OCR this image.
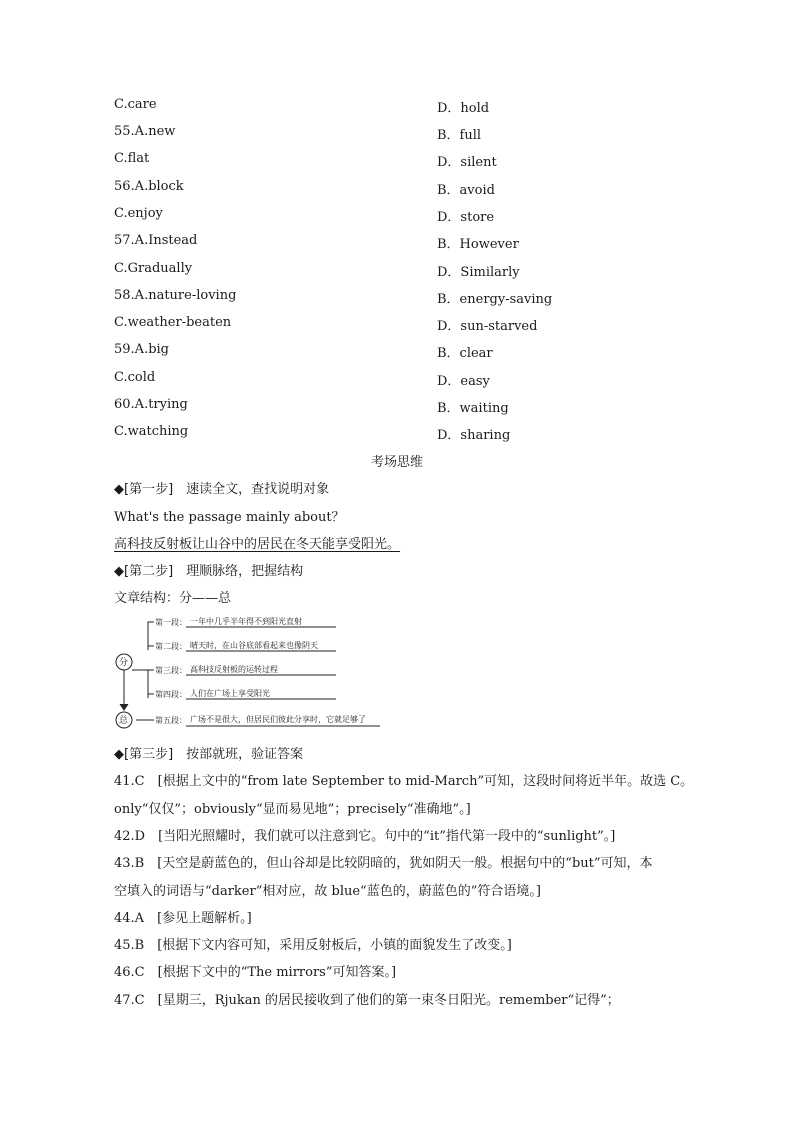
C.care	D．hold
55.A.new	B．full
C.flat	D．silent
56.A.block	B．avoid
C.enjoy	D．store
57.A.Instead	B．However
C.Gradually	D．Similarly
58.A.nature-loving	B．energy-saving
C.weather-beaten	D．sun-starved
59.A.big	B．clear
C.cold	D．easy
60.A.trying	B．waiting
C.watching	D．sharing
考场思维
◆[第一步]　速读全文，查找说明对象
What's the passage mainly about？
高科技反射板让山谷中的居民在冬天能享受阳光。
◆[第二步]　理顺脉络，把握结构
文章结构：分——总
分
总
第一段： 一年中几乎半年得不到阳光直射
第二段： 晴天时，在山谷底部看起来也像阴天
第三段： 高科技反射板的运转过程
第四段： 人们在广场上享受阳光
第五段： 广场不是很大，但居民们彼此分享时，它就足够了
◆[第三步]　按部就班，验证答案
41.C　[根据上文中的“from late September to mid-March”可知，这段时间将近半年。故选 C。
only“仅仅”；obviously“显而易见地”；precisely“准确地”。]
42.D　[当阳光照耀时，我们就可以注意到它。句中的“it”指代第一段中的“sunlight”。]
43.B　[天空是蔚蓝色的，但山谷却是比较阴暗的，犹如阴天一般。根据句中的“but”可知，本
空填入的词语与“darker”相对应，故 blue“蓝色的，蔚蓝色的”符合语境。]
44.A　[参见上题解析。]
45.B　[根据下文内容可知，采用反射板后，小镇的面貌发生了改变。]
46.C　[根据下文中的“The mirrors”可知答案。]
47.C　[星期三，Rjukan 的居民接收到了他们的第一束冬日阳光。remember“记得”；
